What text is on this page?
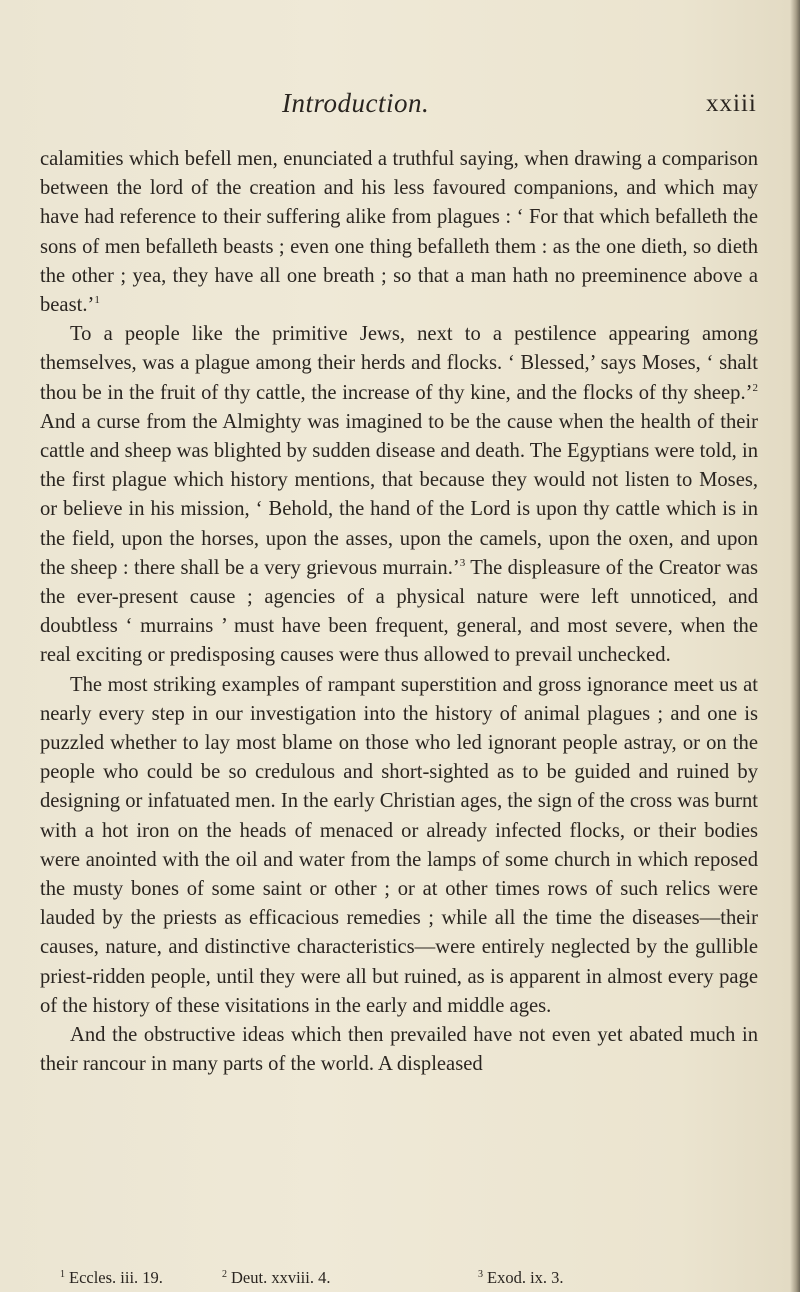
Introduction.	xxiii

calamities which befell men, enunciated a truthful saying, when drawing a comparison between the lord of the creation and his less favoured companions, and which may have had reference to their suffering alike from plagues : ‘ For that which befalleth the sons of men befalleth beasts ; even one thing befalleth them : as the one dieth, so dieth the other ; yea, they have all one breath ; so that a man hath no preeminence above a beast.’$^1$

To a people like the primitive Jews, next to a pestilence appearing among themselves, was a plague among their herds and flocks. ‘ Blessed,’ says Moses, ‘ shalt thou be in the fruit of thy cattle, the increase of thy kine, and the flocks of thy sheep.’$^2$ And a curse from the Almighty was imagined to be the cause when the health of their cattle and sheep was blighted by sudden disease and death. The Egyptians were told, in the first plague which history mentions, that because they would not listen to Moses, or believe in his mission, ‘ Behold, the hand of the Lord is upon thy cattle which is in the field, upon the horses, upon the asses, upon the camels, upon the oxen, and upon the sheep : there shall be a very grievous murrain.’$^3$ The displeasure of the Creator was the ever-present cause ; agencies of a physical nature were left unnoticed, and doubtless ‘ murrains ’ must have been frequent, general, and most severe, when the real exciting or predisposing causes were thus allowed to prevail unchecked.

The most striking examples of rampant superstition and gross ignorance meet us at nearly every step in our investigation into the history of animal plagues ; and one is puzzled whether to lay most blame on those who led ignorant people astray, or on the people who could be so credulous and short-sighted as to be guided and ruined by designing or infatuated men. In the early Christian ages, the sign of the cross was burnt with a hot iron on the heads of menaced or already infected flocks, or their bodies were anointed with the oil and water from the lamps of some church in which reposed the musty bones of some saint or other ; or at other times rows of such relics were lauded by the priests as efficacious remedies ; while all the time the diseases—their causes, nature, and distinctive characteristics—were entirely neglected by the gullible priest-ridden people, until they were all but ruined, as is apparent in almost every page of the history of these visitations in the early and middle ages.

And the obstructive ideas which then prevailed have not even yet abated much in their rancour in many parts of the world. A displeased

$^1$ Eccles. iii. 19.	$^2$ Deut. xxviii. 4.	$^3$ Exod. ix. 3.
